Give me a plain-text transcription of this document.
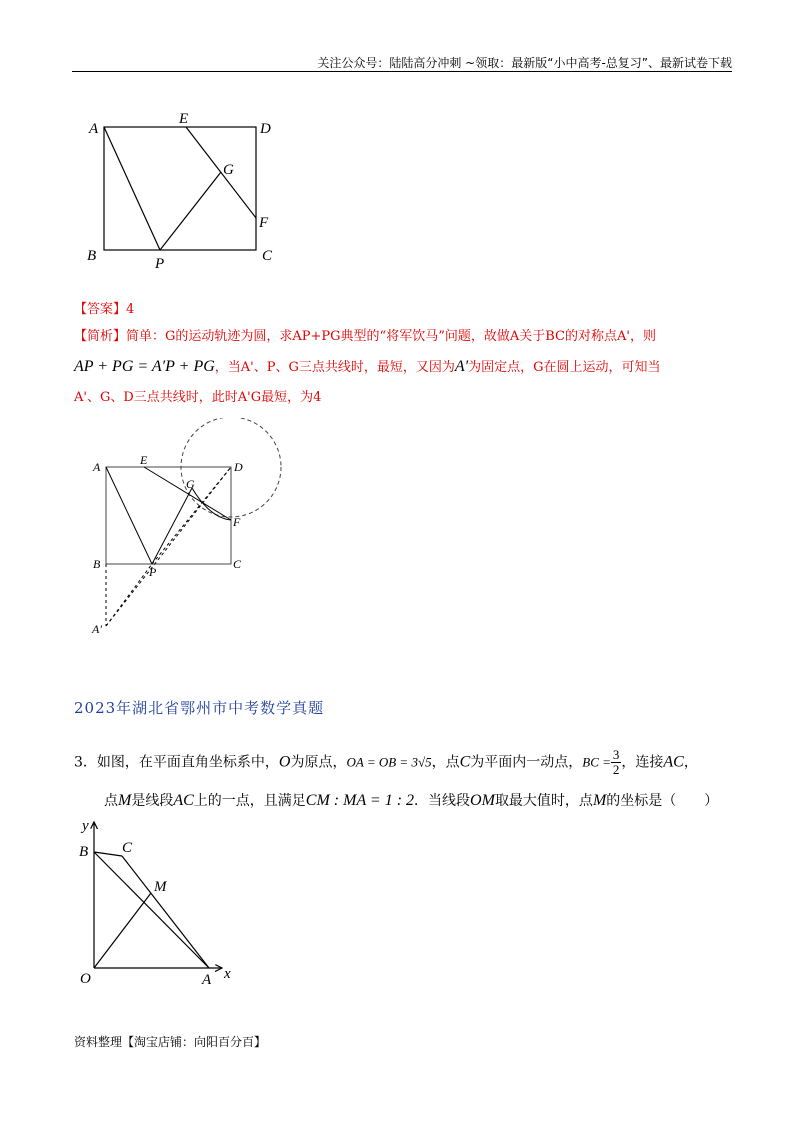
关注公众号：陆陆高分冲刺 ~领取：最新版“小中高考-总复习”、最新试卷下载
A
E
D
G
F
B	P	C
【答案】4
【简析】简单：G的运动轨迹为圆，求AP+PG典型的“将军饮马”问题，故做A关于BC的对称点A'，则
AP + PG = A′P + PG，当A'、P、G三点共线时，最短，又因为A′为固定点，G在圆上运动，可知当
A'、G、D三点共线时，此时A'G最短，为4
A	E	D
G
F
B
P
C
A'
2023年湖北省鄂州市中考数学真题
3．如图，在平面直角坐标系中，O为原点，OA = OB = 3√5，点C为平面内一动点，BC = $\frac{3}{2}$ ，连接AC，
点M是线段AC上的一点，且满足CM : MA = 1 : 2．当线段OM取最大值时，点M的坐标是（　　）
y
B C
M
O	A x
资料整理【淘宝店铺：向阳百分百】
